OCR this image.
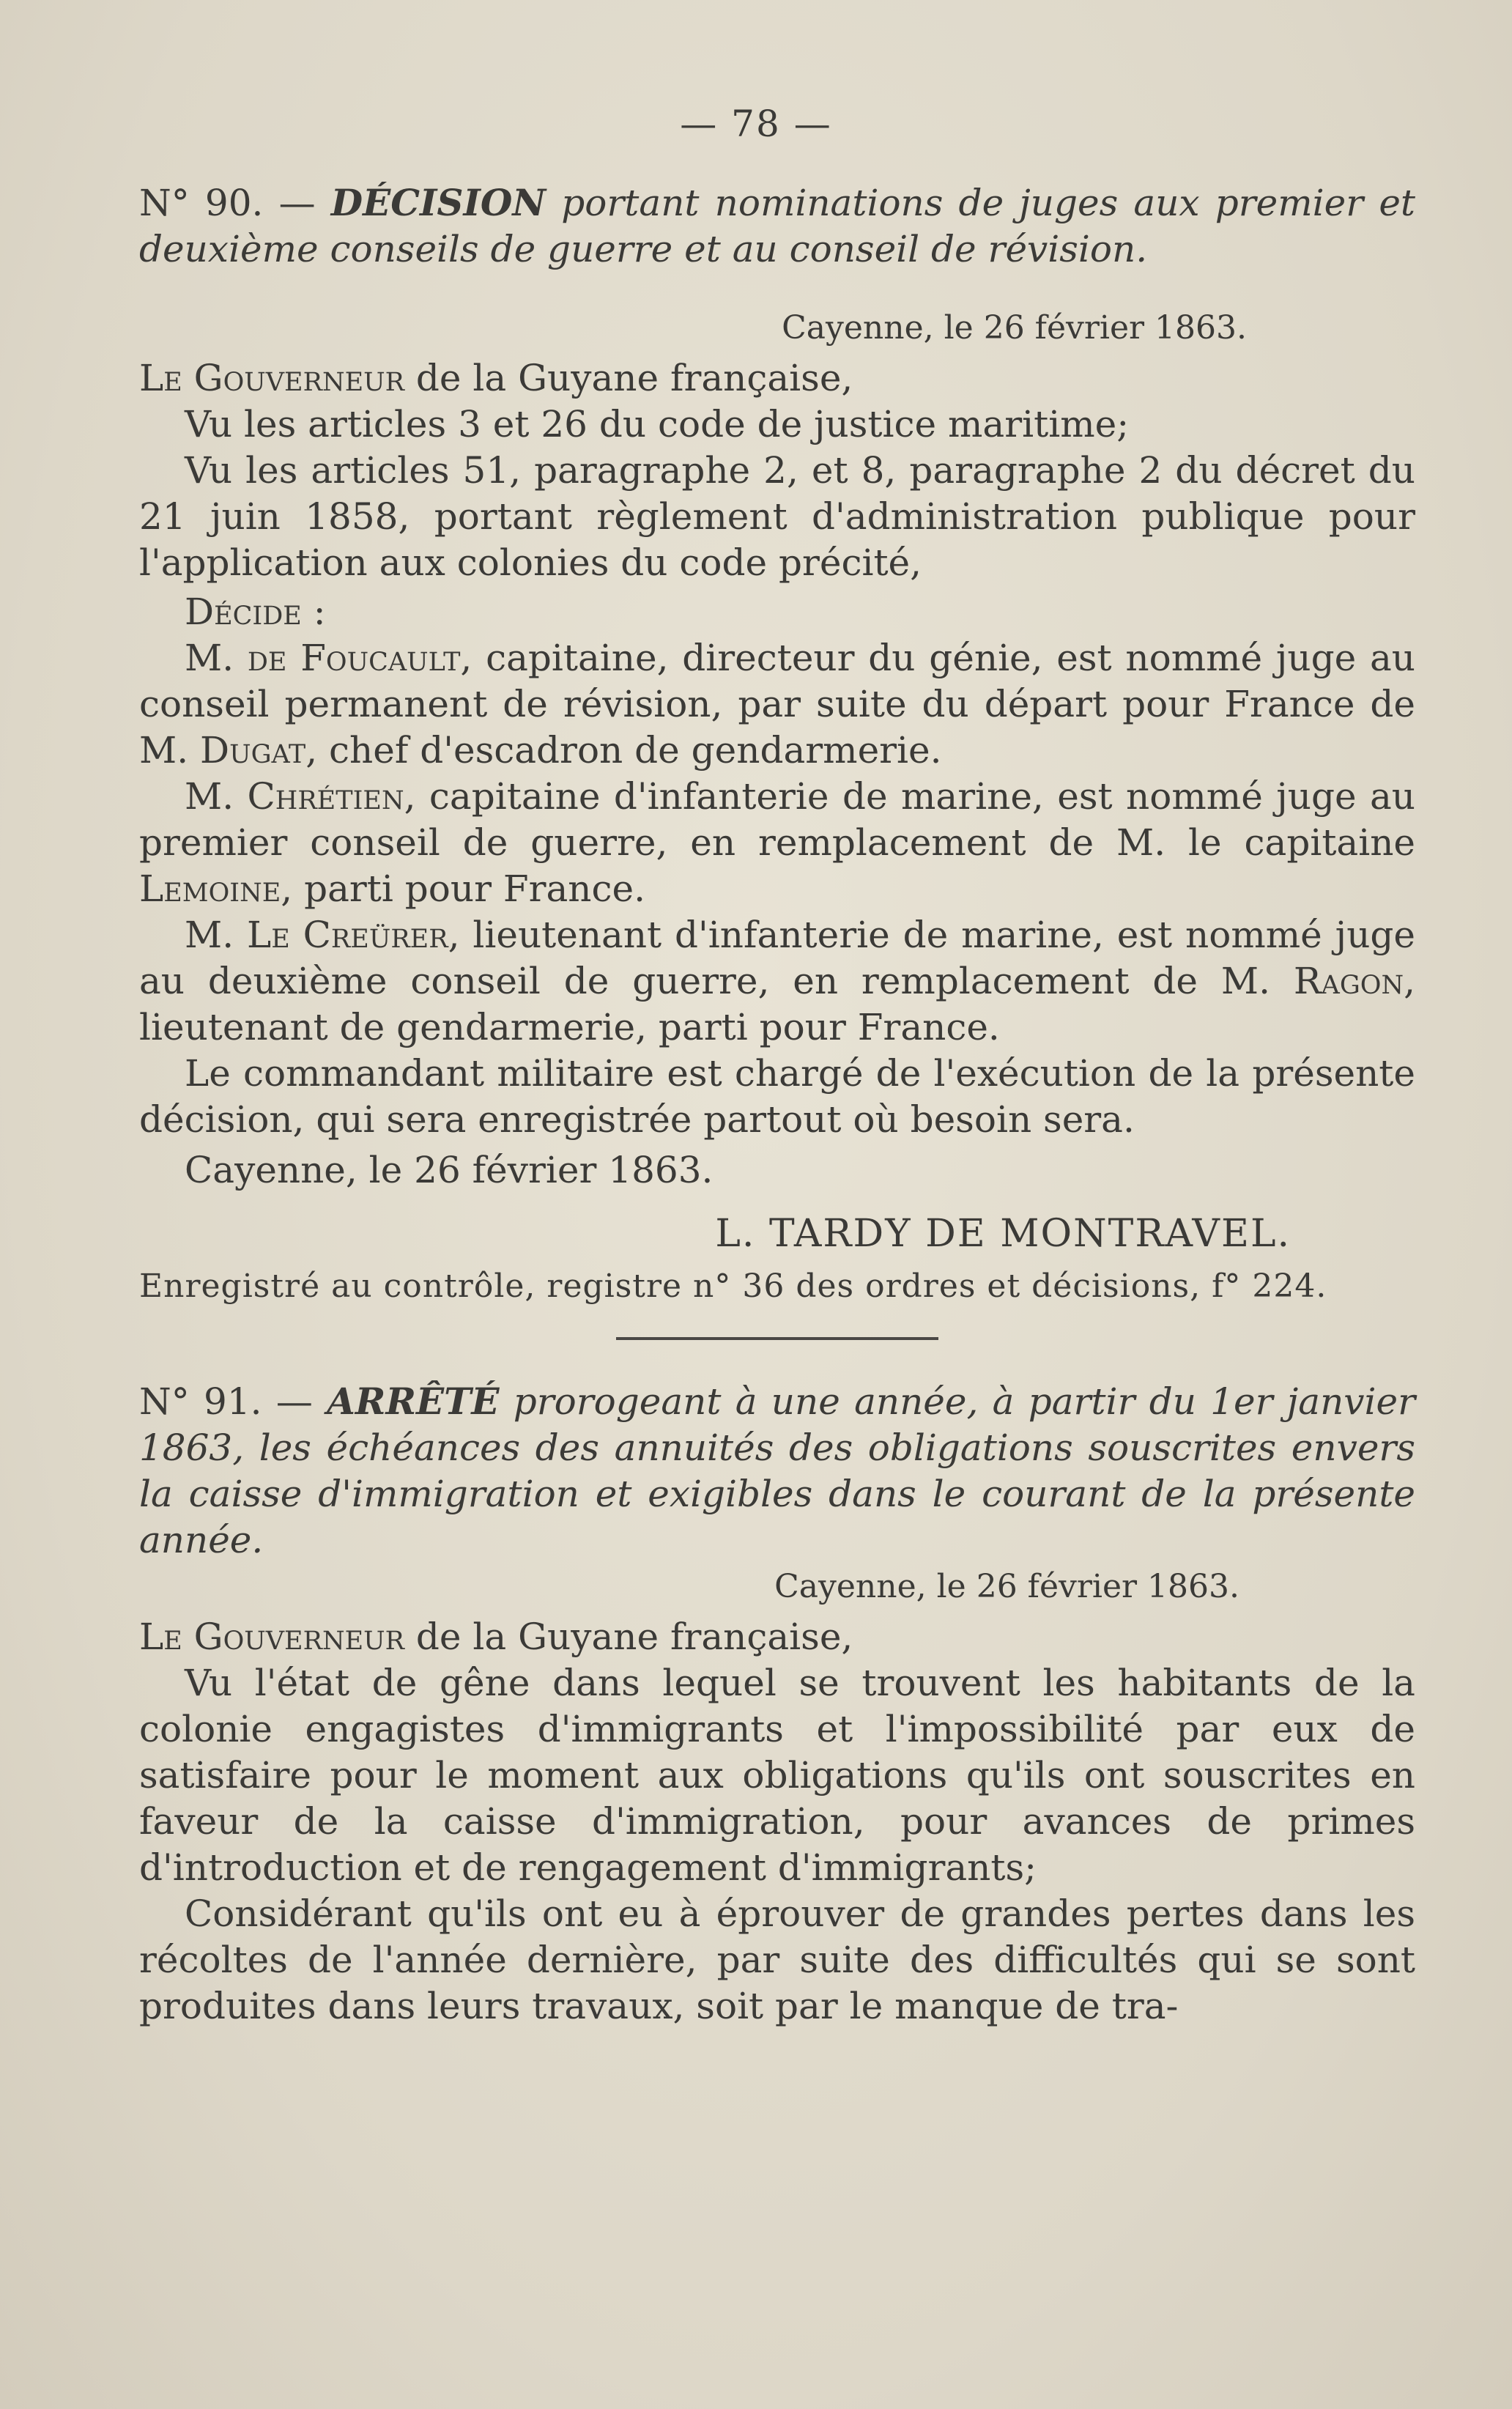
— 78 —

N° 90. — DÉCISION portant nominations de juges aux premier et deuxième conseils de guerre et au conseil de révision.

Cayenne, le 26 février 1863.

Le Gouverneur de la Guyane française,

Vu les articles 3 et 26 du code de justice maritime;

Vu les articles 51, paragraphe 2, et 8, paragraphe 2 du décret du 21 juin 1858, portant règlement d'administration publique pour l'application aux colonies du code précité,

Décide :

M. de Foucault, capitaine, directeur du génie, est nommé juge au conseil permanent de révision, par suite du départ pour France de M. Dugat, chef d'escadron de gendarmerie.

M. Chrétien, capitaine d'infanterie de marine, est nommé juge au premier conseil de guerre, en remplacement de M. le capitaine Lemoine, parti pour France.

M. Le Creürer, lieutenant d'infanterie de marine, est nommé juge au deuxième conseil de guerre, en remplacement de M. Ragon, lieutenant de gendarmerie, parti pour France.

Le commandant militaire est chargé de l'exécution de la présente décision, qui sera enregistrée partout où besoin sera.

Cayenne, le 26 février 1863.

L. TARDY DE MONTRAVEL.

Enregistré au contrôle, registre n° 36 des ordres et décisions, f° 224.

N° 91. — ARRÊTÉ prorogeant à une année, à partir du 1er janvier 1863, les échéances des annuités des obligations souscrites envers la caisse d'immigration et exigibles dans le courant de la présente année.

Cayenne, le 26 février 1863.

Le Gouverneur de la Guyane française,

Vu l'état de gêne dans lequel se trouvent les habitants de la colonie engagistes d'immigrants et l'impossibilité par eux de satisfaire pour le moment aux obligations qu'ils ont souscrites en faveur de la caisse d'immigration, pour avances de primes d'introduction et de rengagement d'immigrants;

Considérant qu'ils ont eu à éprouver de grandes pertes dans les récoltes de l'année dernière, par suite des difficultés qui se sont produites dans leurs travaux, soit par le manque de tra-
